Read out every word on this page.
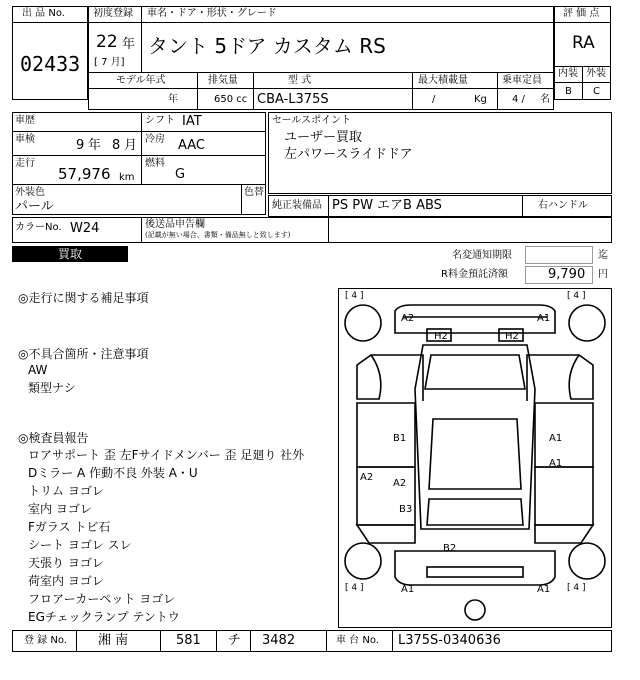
出 品 No.
02433
初度登録 車名・ドア・形状・グレード
22 年
[ 7 月]
タント 5ドア カスタム RS
モデル年式	排気量	型 式	最大積載量	乗車定員
年	650 cc CBA-L375S	/	Kg	4 / 名
評 価 点
RA
内装 外装
B C
車歴
車検	9 年 8 月
走行
57,976 km
シフト IAT
冷房 AAC
燃料
G
外装色
パール
色替
セールスポイント
ユーザー買取
左パワースライドドア
純正装備品 PS PW エアB ABS	右ハンドル
カラーNo. W24	後送品申告欄
(記載が無い場合、書類・備品無しと致します)
買取	名変通知期限	迄
R料金預託済額	9,790 円
◎走行に関する補足事項
◎不具合箇所・注意事項
AW
類型ナシ
◎検査員報告
ロアサポート 歪 左Fサイドメンバー 歪 足廻り 社外
Dミラー A 作動不良 外装 A・U
トリム ヨゴレ
室内 ヨゴレ
Fガラス トビ石
シート ヨゴレ スレ
天張り ヨゴレ
荷室内 ヨゴレ
フロアーカーペット ヨゴレ
EGチェックランプ テントウ
[ 4 ]	[ 4 ]
[ 4 ]	[ 4 ]
A2	A1
H2	H2
B1	A1
A1
A2
A2
B3
B2
A1	A1
登 録 No. 湘 南	581 チ 3482	車 台 No. L375S-0340636
